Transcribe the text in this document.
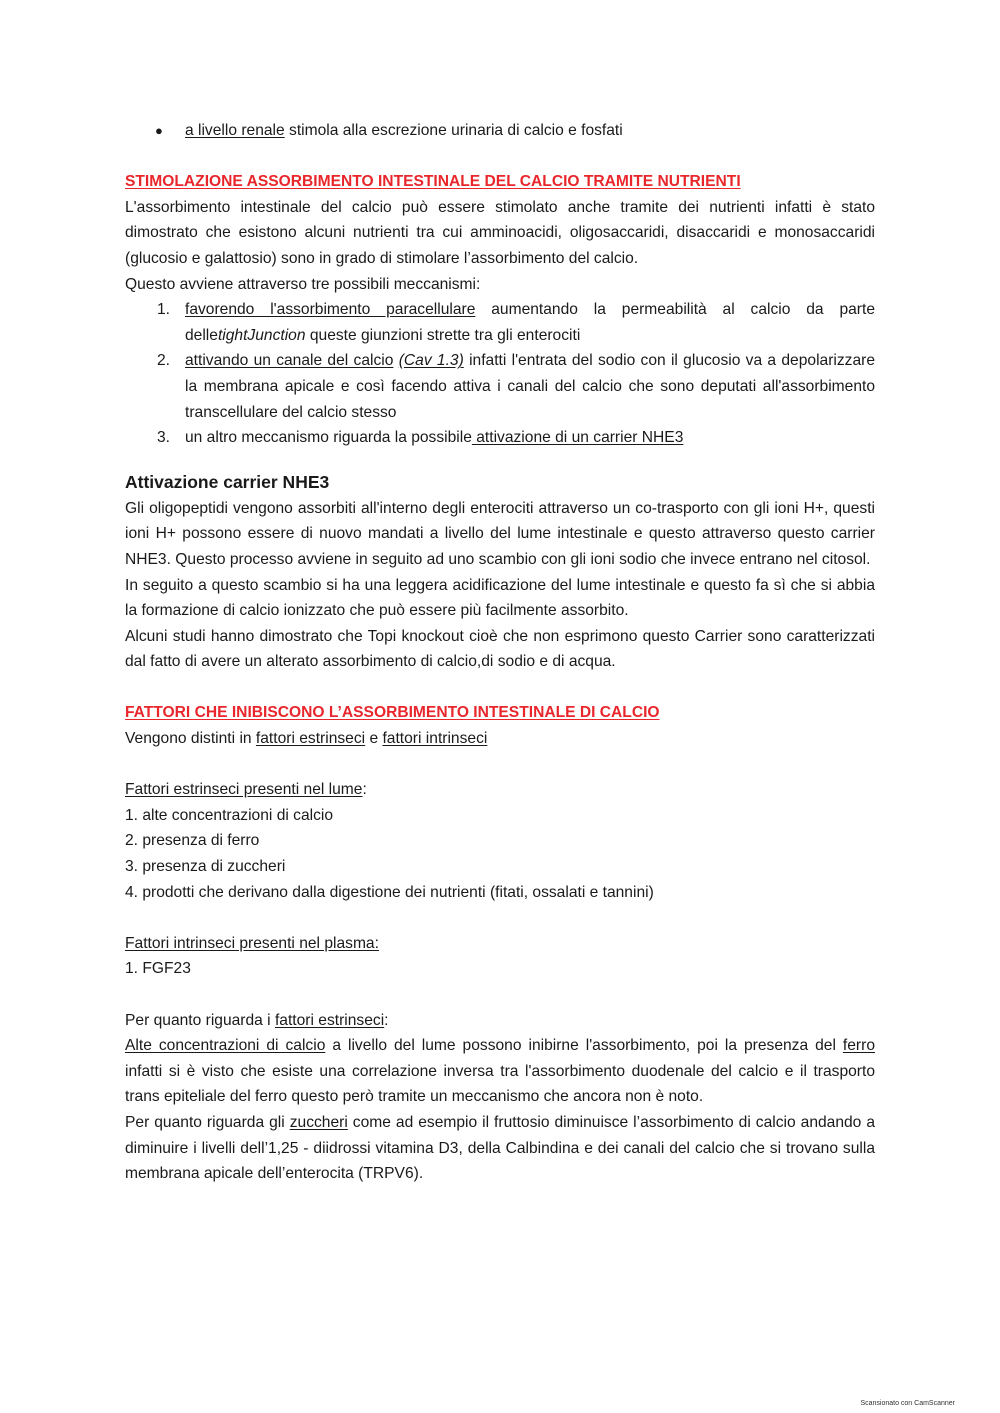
●	a livello renale stimola alla escrezione urinaria di calcio e fosfati

STIMOLAZIONE ASSORBIMENTO INTESTINALE DEL CALCIO TRAMITE NUTRIENTI

L'assorbimento intestinale del calcio può essere stimolato anche tramite dei nutrienti infatti è stato dimostrato che esistono alcuni nutrienti tra cui amminoacidi, oligosaccaridi, disaccaridi e monosaccaridi (glucosio e galattosio) sono in grado di stimolare l’assorbimento del calcio.

Questo avviene attraverso tre possibili meccanismi:

1. favorendo l'assorbimento paracellulare aumentando la permeabilità al calcio da parte delletightJunction queste giunzioni strette tra gli enterociti
2. attivando un canale del calcio (Cav 1.3) infatti l'entrata del sodio con il glucosio va a depolarizzare la membrana apicale e così facendo attiva i canali del calcio che sono deputati all'assorbimento transcellulare del calcio stesso
3. un altro meccanismo riguarda la possibile attivazione di un carrier NHE3

Attivazione carrier NHE3

Gli oligopeptidi vengono assorbiti all'interno degli enterociti attraverso un co-trasporto con gli ioni H+, questi ioni H+ possono essere di nuovo mandati a livello del lume intestinale e questo attraverso questo carrier NHE3. Questo processo avviene in seguito ad uno scambio con gli ioni sodio che invece entrano nel citosol.

In seguito a questo scambio si ha una leggera acidificazione del lume intestinale e questo fa sì che si abbia la formazione di calcio ionizzato che può essere più facilmente assorbito.

Alcuni studi hanno dimostrato che Topi knockout cioè che non esprimono questo Carrier sono caratterizzati dal fatto di avere un alterato assorbimento di calcio,di sodio e di acqua.

FATTORI CHE INIBISCONO L’ASSORBIMENTO INTESTINALE DI CALCIO

Vengono distinti in fattori estrinseci e fattori intrinseci

Fattori estrinseci presenti nel lume:

1. alte concentrazioni di calcio

2. presenza di ferro

3. presenza di zuccheri

4. prodotti che derivano dalla digestione dei nutrienti (fitati, ossalati e tannini)

Fattori intrinseci presenti nel plasma:

1. FGF23

Per quanto riguarda i fattori estrinseci:

Alte concentrazioni di calcio a livello del lume possono inibirne l'assorbimento, poi la presenza del ferro infatti si è visto che esiste una correlazione inversa tra l'assorbimento duodenale del calcio e il trasporto trans epiteliale del ferro questo però tramite un meccanismo che ancora non è noto.

Per quanto riguarda gli zuccheri come ad esempio il fruttosio diminuisce l’assorbimento di calcio andando a diminuire i livelli dell’1,25 - diidrossi vitamina D3, della Calbindina e dei canali del calcio che si trovano sulla membrana apicale dell’enterocita (TRPV6).

Scansionato con CamScanner
